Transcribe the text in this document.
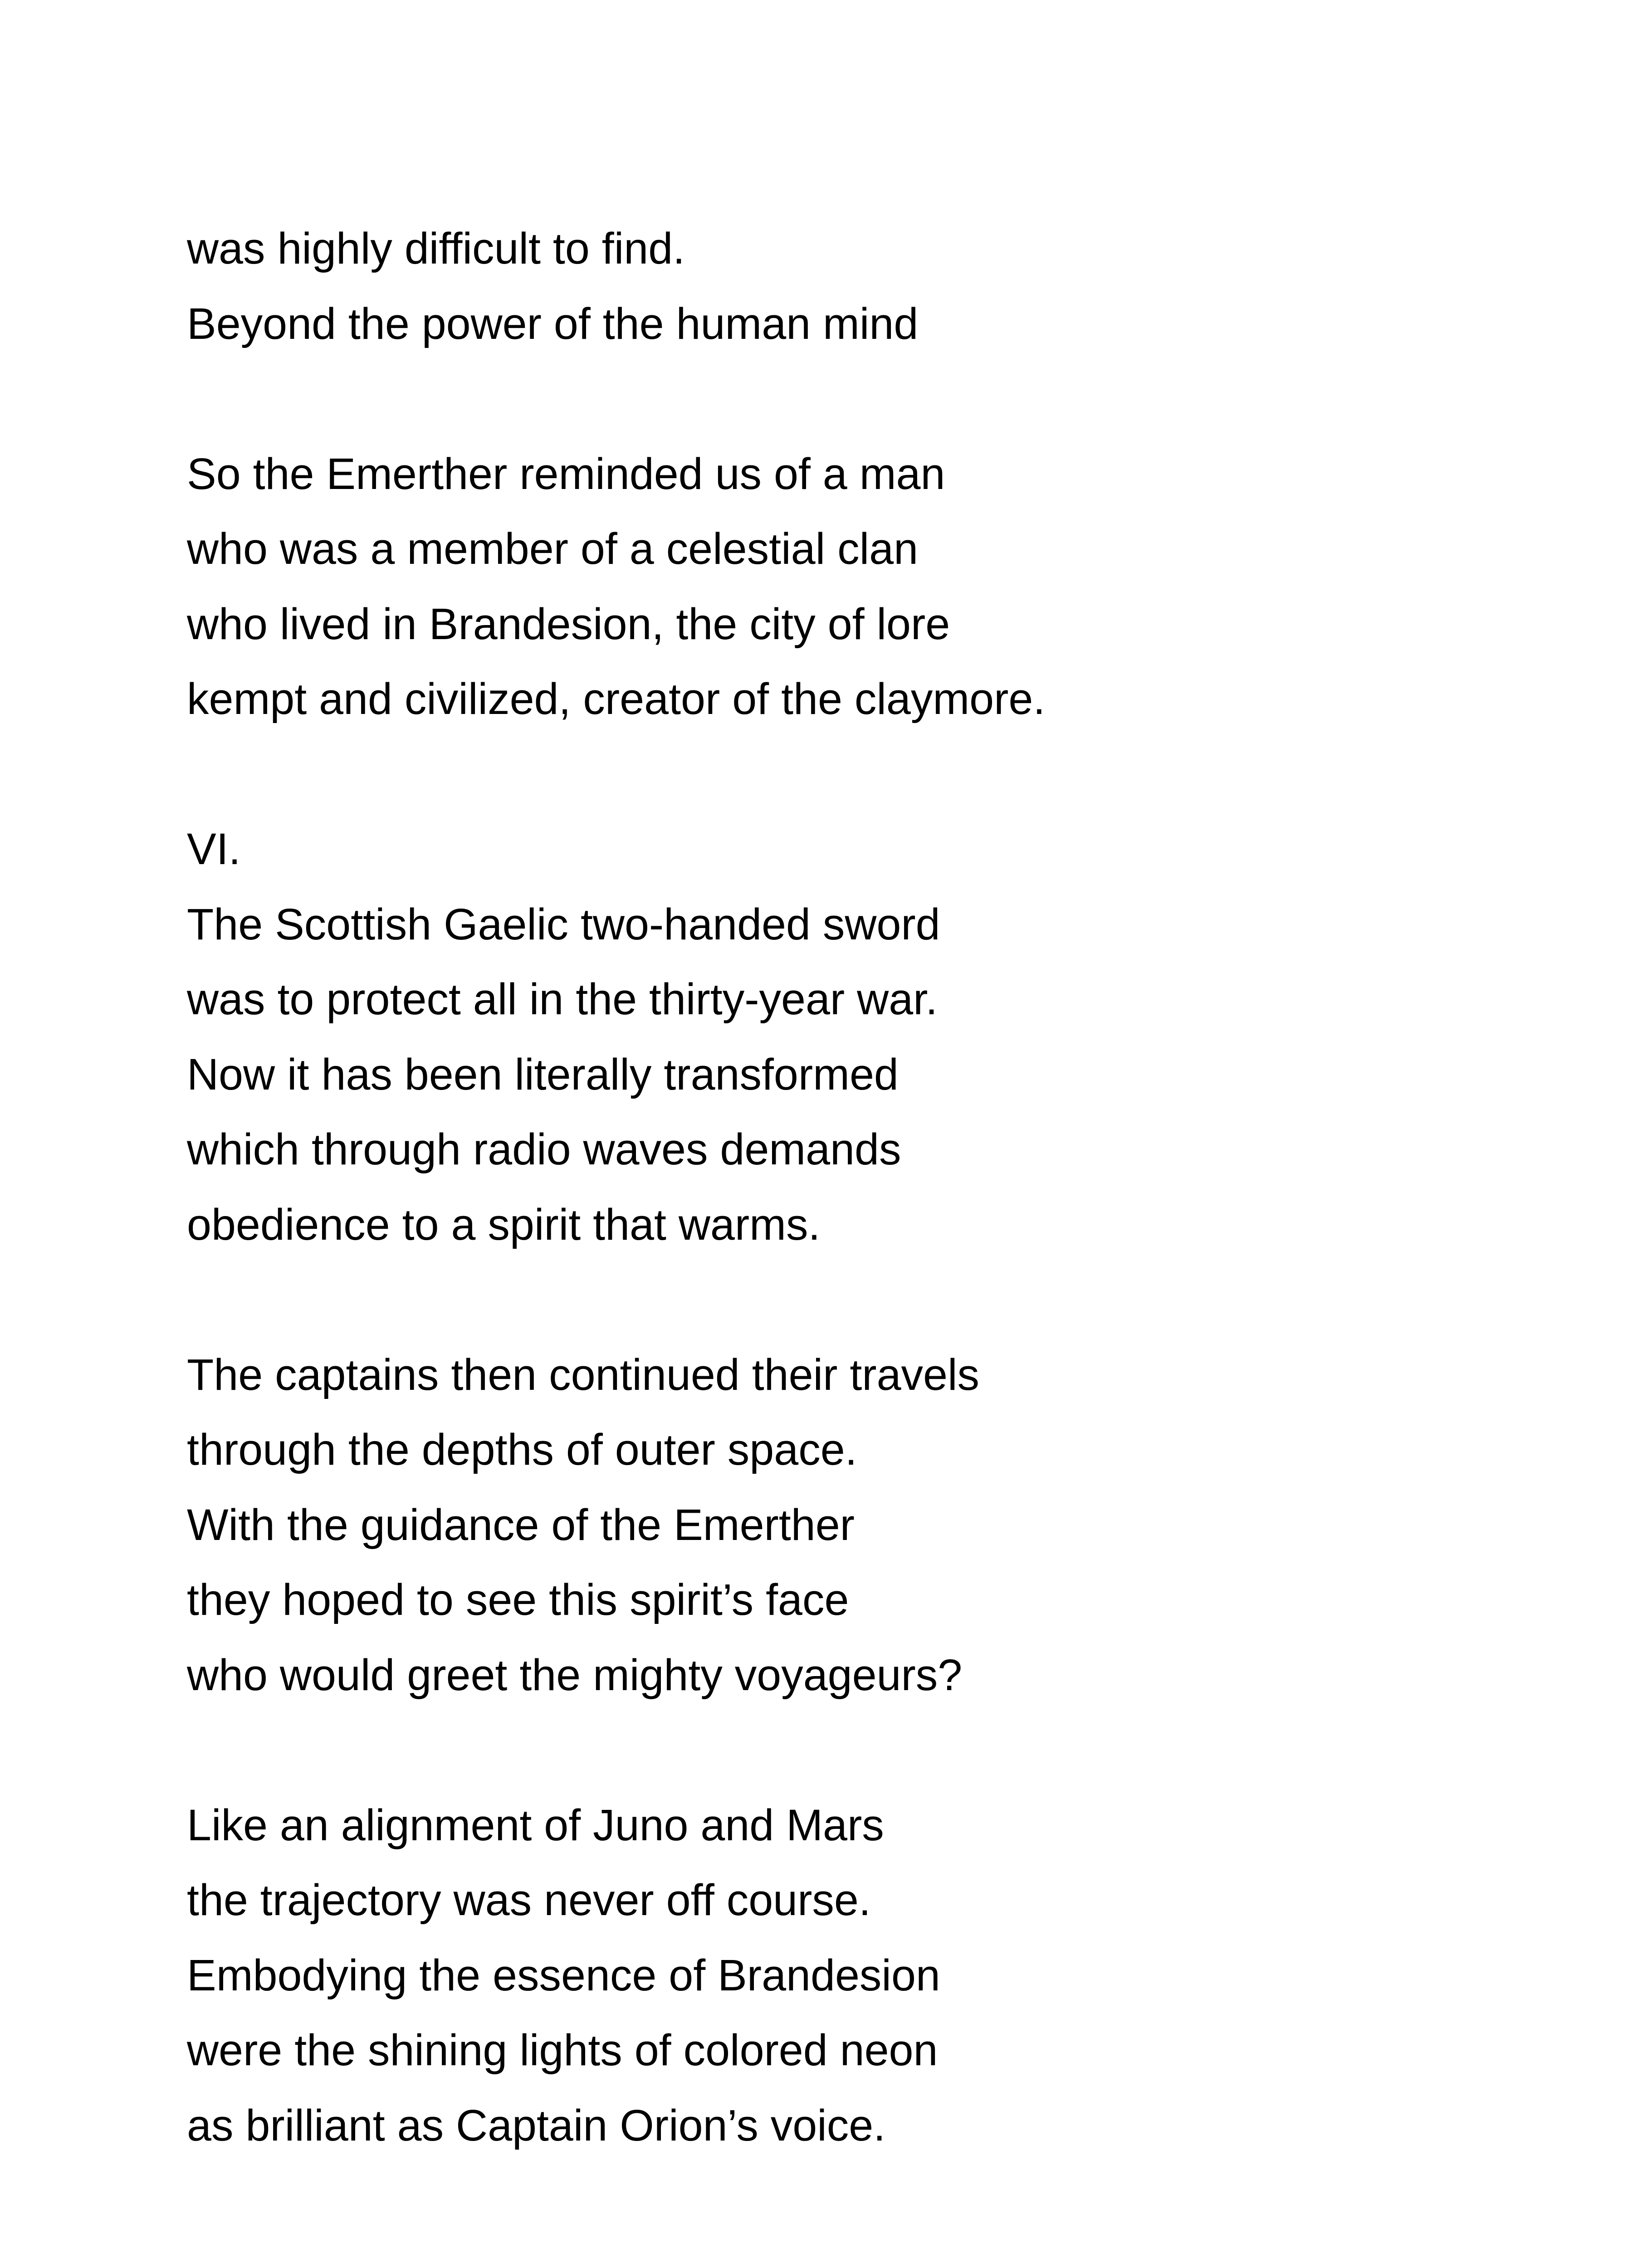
was highly difficult to find.
Beyond the power of the human mind
So the Emerther reminded us of a man
who was a member of a celestial clan
who lived in Brandesion, the city of lore
kempt and civilized, creator of the claymore.
VI.
The Scottish Gaelic two-handed sword
was to protect all in the thirty-year war.
Now it has been literally transformed
which through radio waves demands
obedience to a spirit that warms.
The captains then continued their travels
through the depths of outer space.
With the guidance of the Emerther
they hoped to see this spirit’s face
who would greet the mighty voyageurs?
Like an alignment of Juno and Mars
the trajectory was never off course.
Embodying the essence of Brandesion
were the shining lights of colored neon
as brilliant as Captain Orion’s voice.
